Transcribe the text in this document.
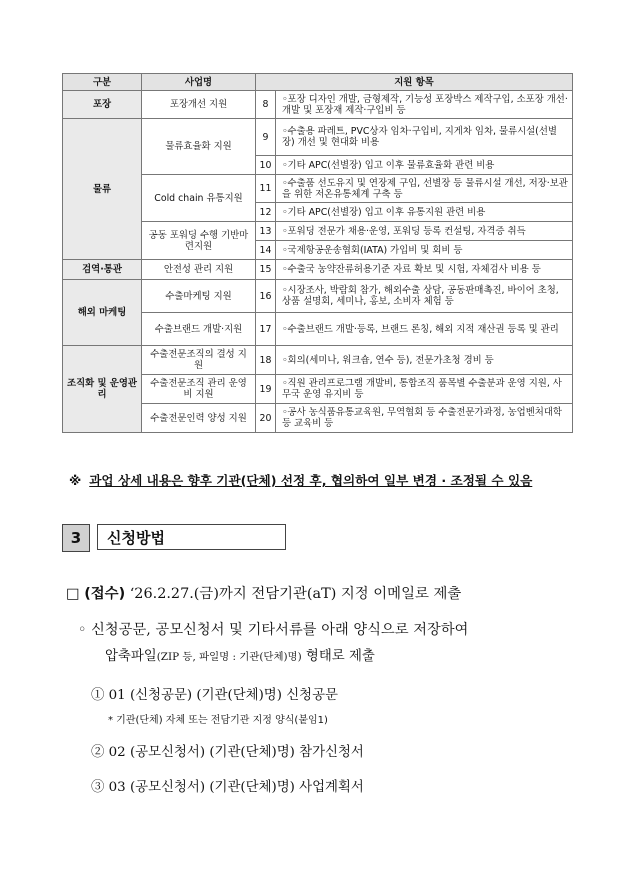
구분	사업명	지원 항목	
포장	포장개선 지원	8	◦포장 디자인 개발, 금형제작, 기능성 포장박스 제작구입, 소포장 개선·개발 및 포장재 제작·구입비 등
물류	물류효율화 지원	9	◦수출용 파레트, PVC상자 임차·구입비, 지게차 임차, 물류시설(선별장) 개선 및 현대화 비용
		10	◦기타 APC(선별장) 입고 이후 물류효율화 관련 비용
	Cold chain 유통지원	11	◦수출품 선도유지 및 연장제 구입, 선별장 등 물류시설 개선, 저장·보관을 위한 저온유통체계 구축 등
		12	◦기타 APC(선별장) 입고 이후 유통지원 관련 비용
	공동 포워딩 수행 기반마련지원	13	◦포워딩 전문가 채용·운영, 포워딩 등록 컨설팅, 자격증 취득
		14	◦국제항공운송협회(IATA) 가입비 및 회비 등
검역·통관	안전성 관리 지원	15	◦수출국 농약잔류허용기준 자료 확보 및 시험, 자체검사 비용 등
해외 마케팅	수출마케팅 지원	16	◦시장조사, 박람회 참가, 해외수출 상담, 공동판매촉진, 바이어 초청, 상품 설명회, 세미나, 홍보, 소비자 체험 등
	수출브랜드 개발·지원	17	◦수출브랜드 개발·등록, 브랜드 론칭, 해외 지적 재산권 등록 및 관리
조직화 및 운영관리	수출전문조직의 결성 지원	18	◦회의(세미나, 워크숍, 연수 등), 전문가초청 경비 등
	수출전문조직 관리 운영비 지원	19	◦직원 관리프로그램 개발비, 통합조직 품목별 수출분과 운영 지원, 사무국 운영 유지비 등
	수출전문인력 양성 지원	20	◦공사 농식품유통교육원, 무역협회 등 수출전문가과정, 농업벤처대학 등 교육비 등
※ 과업 상세 내용은 향후 기관(단체) 선정 후, 협의하여 일부 변경 · 조정될 수 있음
3	신청방법
□ (접수) ‘26.2.27.(금)까지 전담기관(aT) 지정 이메일로 제출
◦ 신청공문, 공모신청서 및 기타서류를 아래 양식으로 저장하여
압축파일(ZIP 등, 파일명 : 기관(단체)명) 형태로 제출
① 01 (신청공문) (기관(단체)명) 신청공문
* 기관(단체) 자체 또는 전담기관 지정 양식(붙임1)
② 02 (공모신청서) (기관(단체)명) 참가신청서
③ 03 (공모신청서) (기관(단체)명) 사업계획서
